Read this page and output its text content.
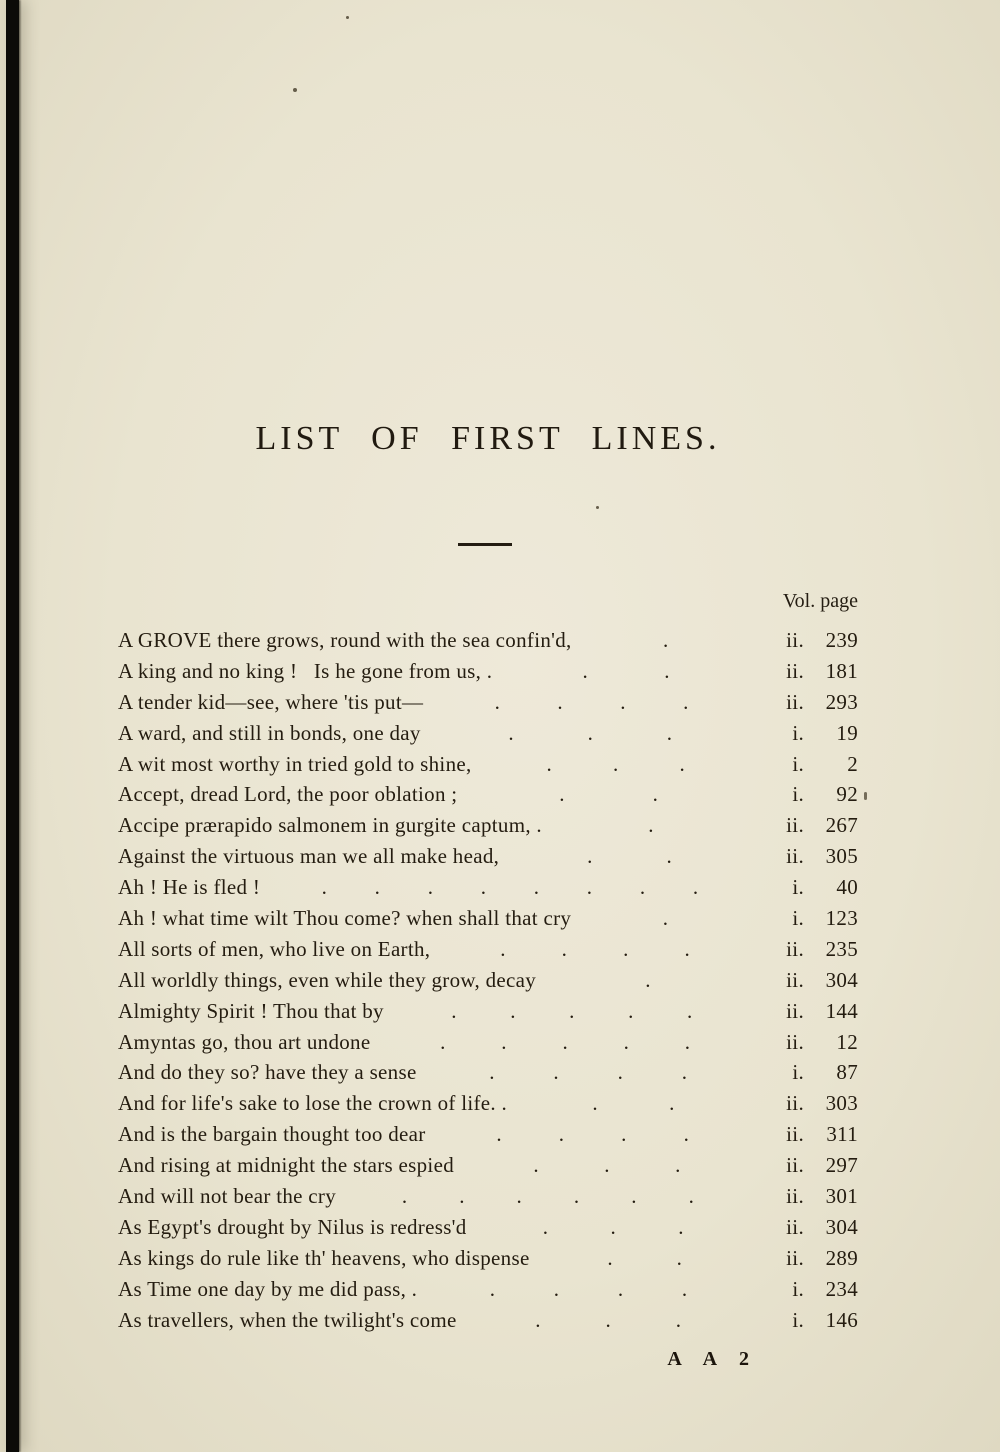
LIST OF FIRST LINES.
Vol. page
A GROVE there grows, round with the sea confin'd,	.	ii.	239
A king and no king !   Is he gone from us, .	.	.	ii.	181
A tender kid—see, where 'tis put—	.	.	.	.	ii.	293
A ward, and still in bonds, one day	.	.	.	i.	19
A wit most worthy in tried gold to shine,	.	.	.	i.	2
Accept, dread Lord, the poor oblation ;	.	.	i.	92
Accipe prærapido salmonem in gurgite captum, .	.	ii.	267
Against the virtuous man we all make head,	.	.	ii.	305
Ah ! He is fled !	. . . . . . . .	i.	40
Ah ! what time wilt Thou come? when shall that cry	.	i.	123
All sorts of men, who live on Earth,	.	.	.	.	ii.	235
All worldly things, even while they grow, decay	.	ii.	304
Almighty Spirit ! Thou that by	.	.	.	.	.	ii.	144
Amyntas go, thou art undone	.	.	.	.	.	ii.	12
And do they so? have they a sense	.	.	.	.	i.	87
And for life's sake to lose the crown of life. .	.	.	ii.	303
And is the bargain thought too dear	.	.	.	.	ii.	311
And rising at midnight the stars espied	.	.	.	ii.	297
And will not bear the cry	. . . . . .	ii.	301
As Egypt's drought by Nilus is redress'd	.	.	.	ii.	304
As kings do rule like th' heavens, who dispense	.	.	ii.	289
As Time one day by me did pass, .	.	.	.	.	i.	234
As travellers, when the twilight's come	.	.	.	i.	146
A A 2
